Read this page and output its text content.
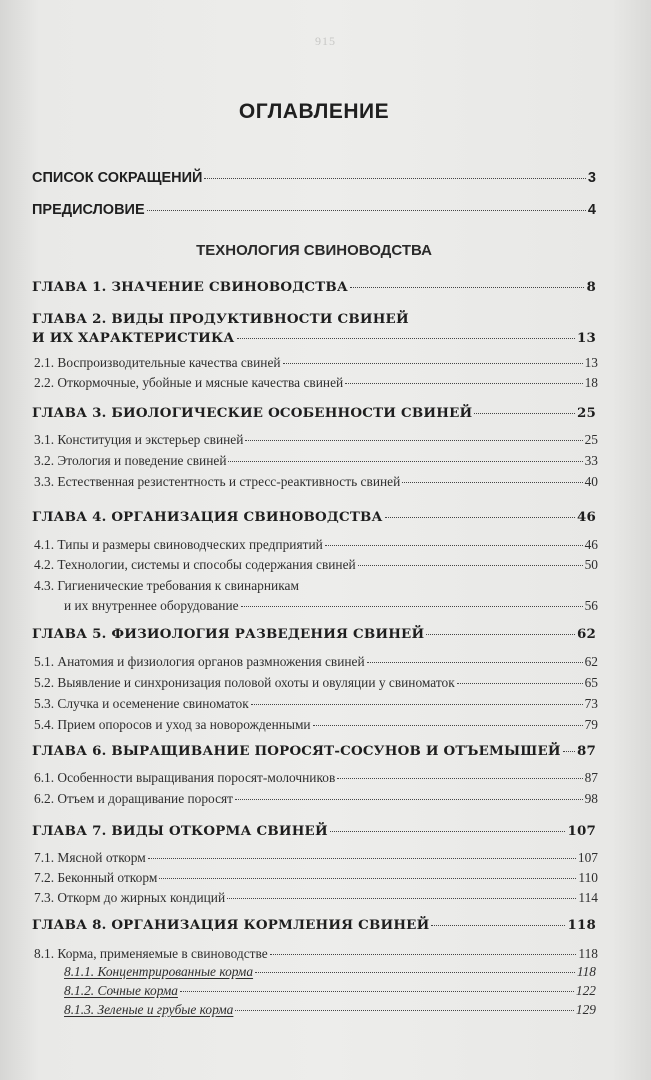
915
ОГЛАВЛЕНИЕ
СПИСОК СОКРАЩЕНИЙ	3
ПРЕДИСЛОВИЕ	4
ТЕХНОЛОГИЯ СВИНОВОДСТВА
ГЛАВА 1. ЗНАЧЕНИЕ СВИНОВОДСТВА	8
ГЛАВА 2. ВИДЫ ПРОДУКТИВНОСТИ СВИНЕЙ
И ИХ ХАРАКТЕРИСТИКА	13
2.1. Воспроизводительные качества свиней	13
2.2. Откормочные, убойные и мясные качества свиней	18
ГЛАВА 3. БИОЛОГИЧЕСКИЕ ОСОБЕННОСТИ СВИНЕЙ	25
3.1. Конституция и экстерьер свиней	25
3.2. Этология и поведение свиней	33
3.3. Естественная резистентность и стресс-реактивность свиней	40
ГЛАВА 4. ОРГАНИЗАЦИЯ СВИНОВОДСТВА	46
4.1. Типы и размеры свиноводческих предприятий	46
4.2. Технологии, системы и способы содержания свиней	50
4.3. Гигиенические требования к свинарникам
и их внутреннее оборудование	56
ГЛАВА 5. ФИЗИОЛОГИЯ РАЗВЕДЕНИЯ СВИНЕЙ	62
5.1. Анатомия и физиология органов размножения свиней	62
5.2. Выявление и синхронизация половой охоты и овуляции у свиноматок	65
5.3. Случка и осеменение свиноматок	73
5.4. Прием опоросов и уход за новорожденными	79
ГЛАВА 6. ВЫРАЩИВАНИЕ ПОРОСЯТ-СОСУНОВ И ОТЪЕМЫШЕЙ 87
6.1. Особенности выращивания поросят-молочников	87
6.2. Отъем и доращивание поросят	98
ГЛАВА 7. ВИДЫ ОТКОРМА СВИНЕЙ	107
7.1. Мясной откорм	107
7.2. Беконный откорм	110
7.3. Откорм до жирных кондиций	114
ГЛАВА 8. ОРГАНИЗАЦИЯ КОРМЛЕНИЯ СВИНЕЙ	118
8.1. Корма, применяемые в свиноводстве	118
8.1.1. Концентрированные корма	118
8.1.2. Сочные корма	122
8.1.3. Зеленые и грубые корма	129
